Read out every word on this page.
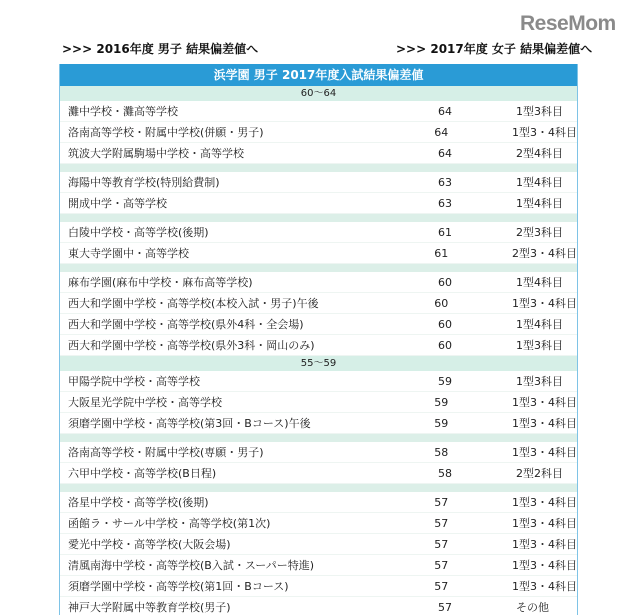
ReseMom
>>> 2016年度 男子 結果偏差値へ	>>> 2017年度 女子 結果偏差値へ
浜学園 男子 2017年度入試結果偏差値
60〜64
灘中学校・灘高等学校	64	1型3科目
洛南高等学校・附属中学校(併願・男子)	64	1型3・4科目
筑波大学附属駒場中学校・高等学校	64	2型4科目
海陽中等教育学校(特別給費制)	63	1型4科目
開成中学・高等学校	63	1型4科目
白陵中学校・高等学校(後期)	61	2型3科目
東大寺学園中・高等学校	61	2型3・4科目
麻布学園(麻布中学校・麻布高等学校)	60	1型4科目
西大和学園中学校・高等学校(本校入試・男子)午後	60	1型3・4科目
西大和学園中学校・高等学校(県外4科・全会場)	60	1型4科目
西大和学園中学校・高等学校(県外3科・岡山のみ)	60	1型3科目
55〜59
甲陽学院中学校・高等学校	59	1型3科目
大阪星光学院中学校・高等学校	59	1型3・4科目
須磨学園中学校・高等学校(第3回・Bコース)午後	59	1型3・4科目
洛南高等学校・附属中学校(専願・男子)	58	1型3・4科目
六甲中学校・高等学校(B日程)	58	2型2科目
洛星中学校・高等学校(後期)	57	1型3・4科目
函館ラ・サール中学校・高等学校(第1次)	57	1型3・4科目
愛光中学校・高等学校(大阪会場)	57	1型3・4科目
清風南海中学校・高等学校(B入試・スーパー特進)	57	1型3・4科目
須磨学園中学校・高等学校(第1回・Bコース)	57	1型3・4科目
神戸大学附属中等教育学校(男子)	57	その他
